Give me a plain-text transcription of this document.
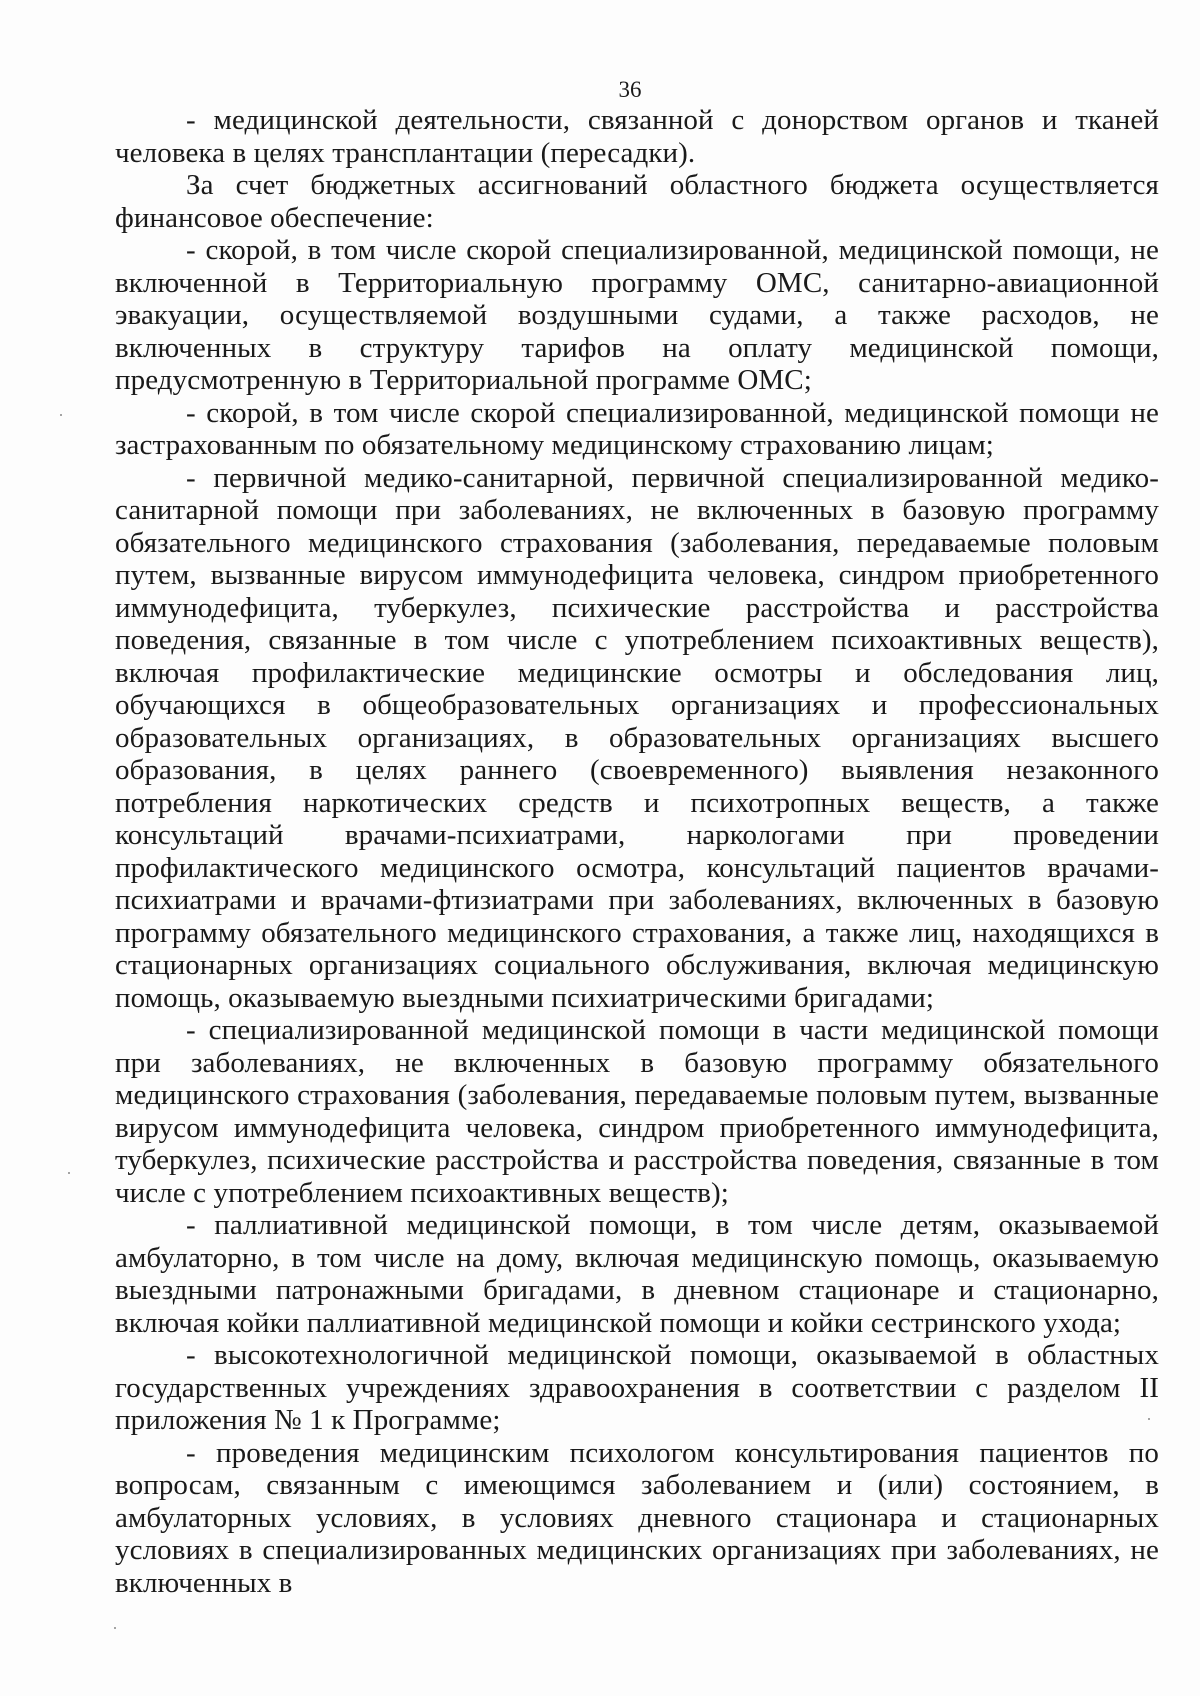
36

- медицинской деятельности, связанной с донорством органов и тканей человека в целях трансплантации (пересадки).

За счет бюджетных ассигнований областного бюджета осуществляется финансовое обеспечение:

- скорой, в том числе скорой специализированной, медицинской помощи, не включенной в Территориальную программу ОМС, санитарно-авиационной эвакуации, осуществляемой воздушными судами, а также расходов, не включенных в структуру тарифов на оплату медицинской помощи, предусмотренную в Территориальной программе ОМС;

- скорой, в том числе скорой специализированной, медицинской помощи не застрахованным по обязательному медицинскому страхованию лицам;

- первичной медико-санитарной, первичной специализированной медико-санитарной помощи при заболеваниях, не включенных в базовую программу обязательного медицинского страхования (заболевания, передаваемые половым путем, вызванные вирусом иммунодефицита человека, синдром приобретенного иммунодефицита, туберкулез, психические расстройства и расстройства поведения, связанные в том числе с употреблением психоактивных веществ), включая профилактические медицинские осмотры и обследования лиц, обучающихся в общеобразовательных организациях и профессиональных образовательных организациях, в образовательных организациях высшего образования, в целях раннего (своевременного) выявления незаконного потребления наркотических средств и психотропных веществ, а также консультаций врачами-психиатрами, наркологами при проведении профилактического медицинского осмотра, консультаций пациентов врачами-психиатрами и врачами-фтизиатрами при заболеваниях, включенных в базовую программу обязательного медицинского страхования, а также лиц, находящихся в стационарных организациях социального обслуживания, включая медицинскую помощь, оказываемую выездными психиатрическими бригадами;

- специализированной медицинской помощи в части медицинской помощи при заболеваниях, не включенных в базовую программу обязательного медицинского страхования (заболевания, передаваемые половым путем, вызванные вирусом иммунодефицита человека, синдром приобретенного иммунодефицита, туберкулез, психические расстройства и расстройства поведения, связанные в том числе с употреблением психоактивных веществ);

- паллиативной медицинской помощи, в том числе детям, оказываемой амбулаторно, в том числе на дому, включая медицинскую помощь, оказываемую выездными патронажными бригадами, в дневном стационаре и стационарно, включая койки паллиативной медицинской помощи и койки сестринского ухода;

- высокотехнологичной медицинской помощи, оказываемой в областных государственных учреждениях здравоохранения в соответствии с разделом II приложения № 1 к Программе;

- проведения медицинским психологом консультирования пациентов по вопросам, связанным с имеющимся заболеванием и (или) состоянием, в амбулаторных условиях, в условиях дневного стационара и стационарных условиях в специализированных медицинских организациях при заболеваниях, не включенных в
